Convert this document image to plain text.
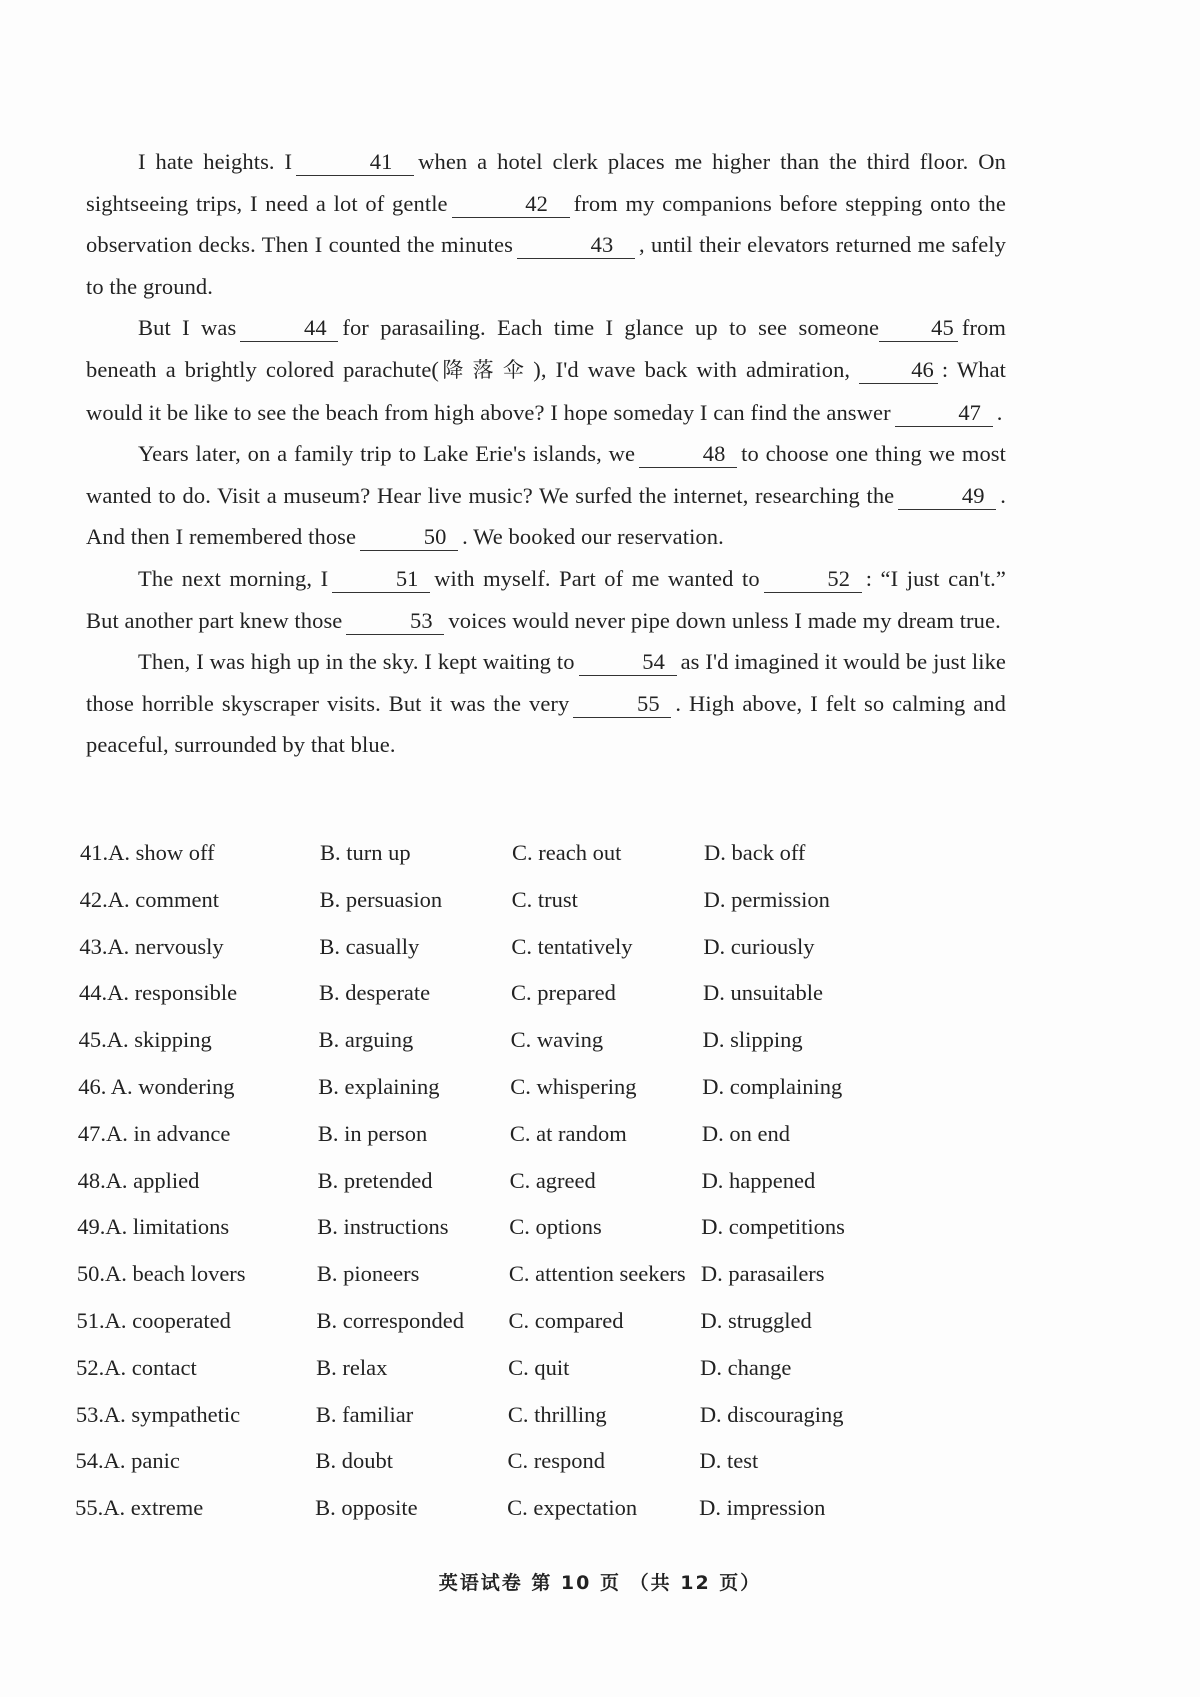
I hate heights. I	41 when a hotel clerk places me higher than the third floor. On sightseeing trips, I need a lot of gentle	42 from my companions before stepping onto the observation decks. Then I counted the minutes	43 , until their elevators returned me safely to the ground.

But I was	44 for parasailing. Each time I glance up to see someone 45 from beneath a brightly colored parachute(降落伞), I'd wave back with admiration,	46 : What would it be like to see the beach from high above? I hope someday I can find the answer	47 .

Years later, on a family trip to Lake Erie's islands, we	48 to choose one thing we most wanted to do. Visit a museum? Hear live music? We surfed the internet, researching the	49 . And then I remembered those	50 . We booked our reservation.

The next morning, I	51 with myself. Part of me wanted to	52 : “I just can't.” But another part knew those	53 voices would never pipe down unless I made my dream true.

Then, I was high up in the sky. I kept waiting to	54 as I'd imagined it would be just like those horrible skyscraper visits. But it was the very	55 . High above, I felt so calming and peaceful, surrounded by that blue.

41.A. show off	B. turn up	C. reach out	D. back off
42.A. comment	B. persuasion	C. trust	D. permission
43.A. nervously	B. casually	C. tentatively	D. curiously
44.A. responsible	B. desperate	C. prepared	D. unsuitable
45.A. skipping	B. arguing	C. waving	D. slipping
46. A. wondering	B. explaining	C. whispering	D. complaining
47.A. in advance	B. in person	C. at random	D. on end
48.A. applied	B. pretended	C. agreed	D. happened
49.A. limitations	B. instructions	C. options	D. competitions
50.A. beach lovers	B. pioneers	C. attention seekers D. parasailers
51.A. cooperated	B. corresponded C. compared	D. struggled
52.A. contact	B. relax	C. quit	D. change
53.A. sympathetic	B. familiar	C. thrilling	D. discouraging
54.A. panic	B. doubt	C. respond	D. test
55.A. extreme	B. opposite	C. expectation	D. impression
英语试卷 第 10 页 （共 12 页）
